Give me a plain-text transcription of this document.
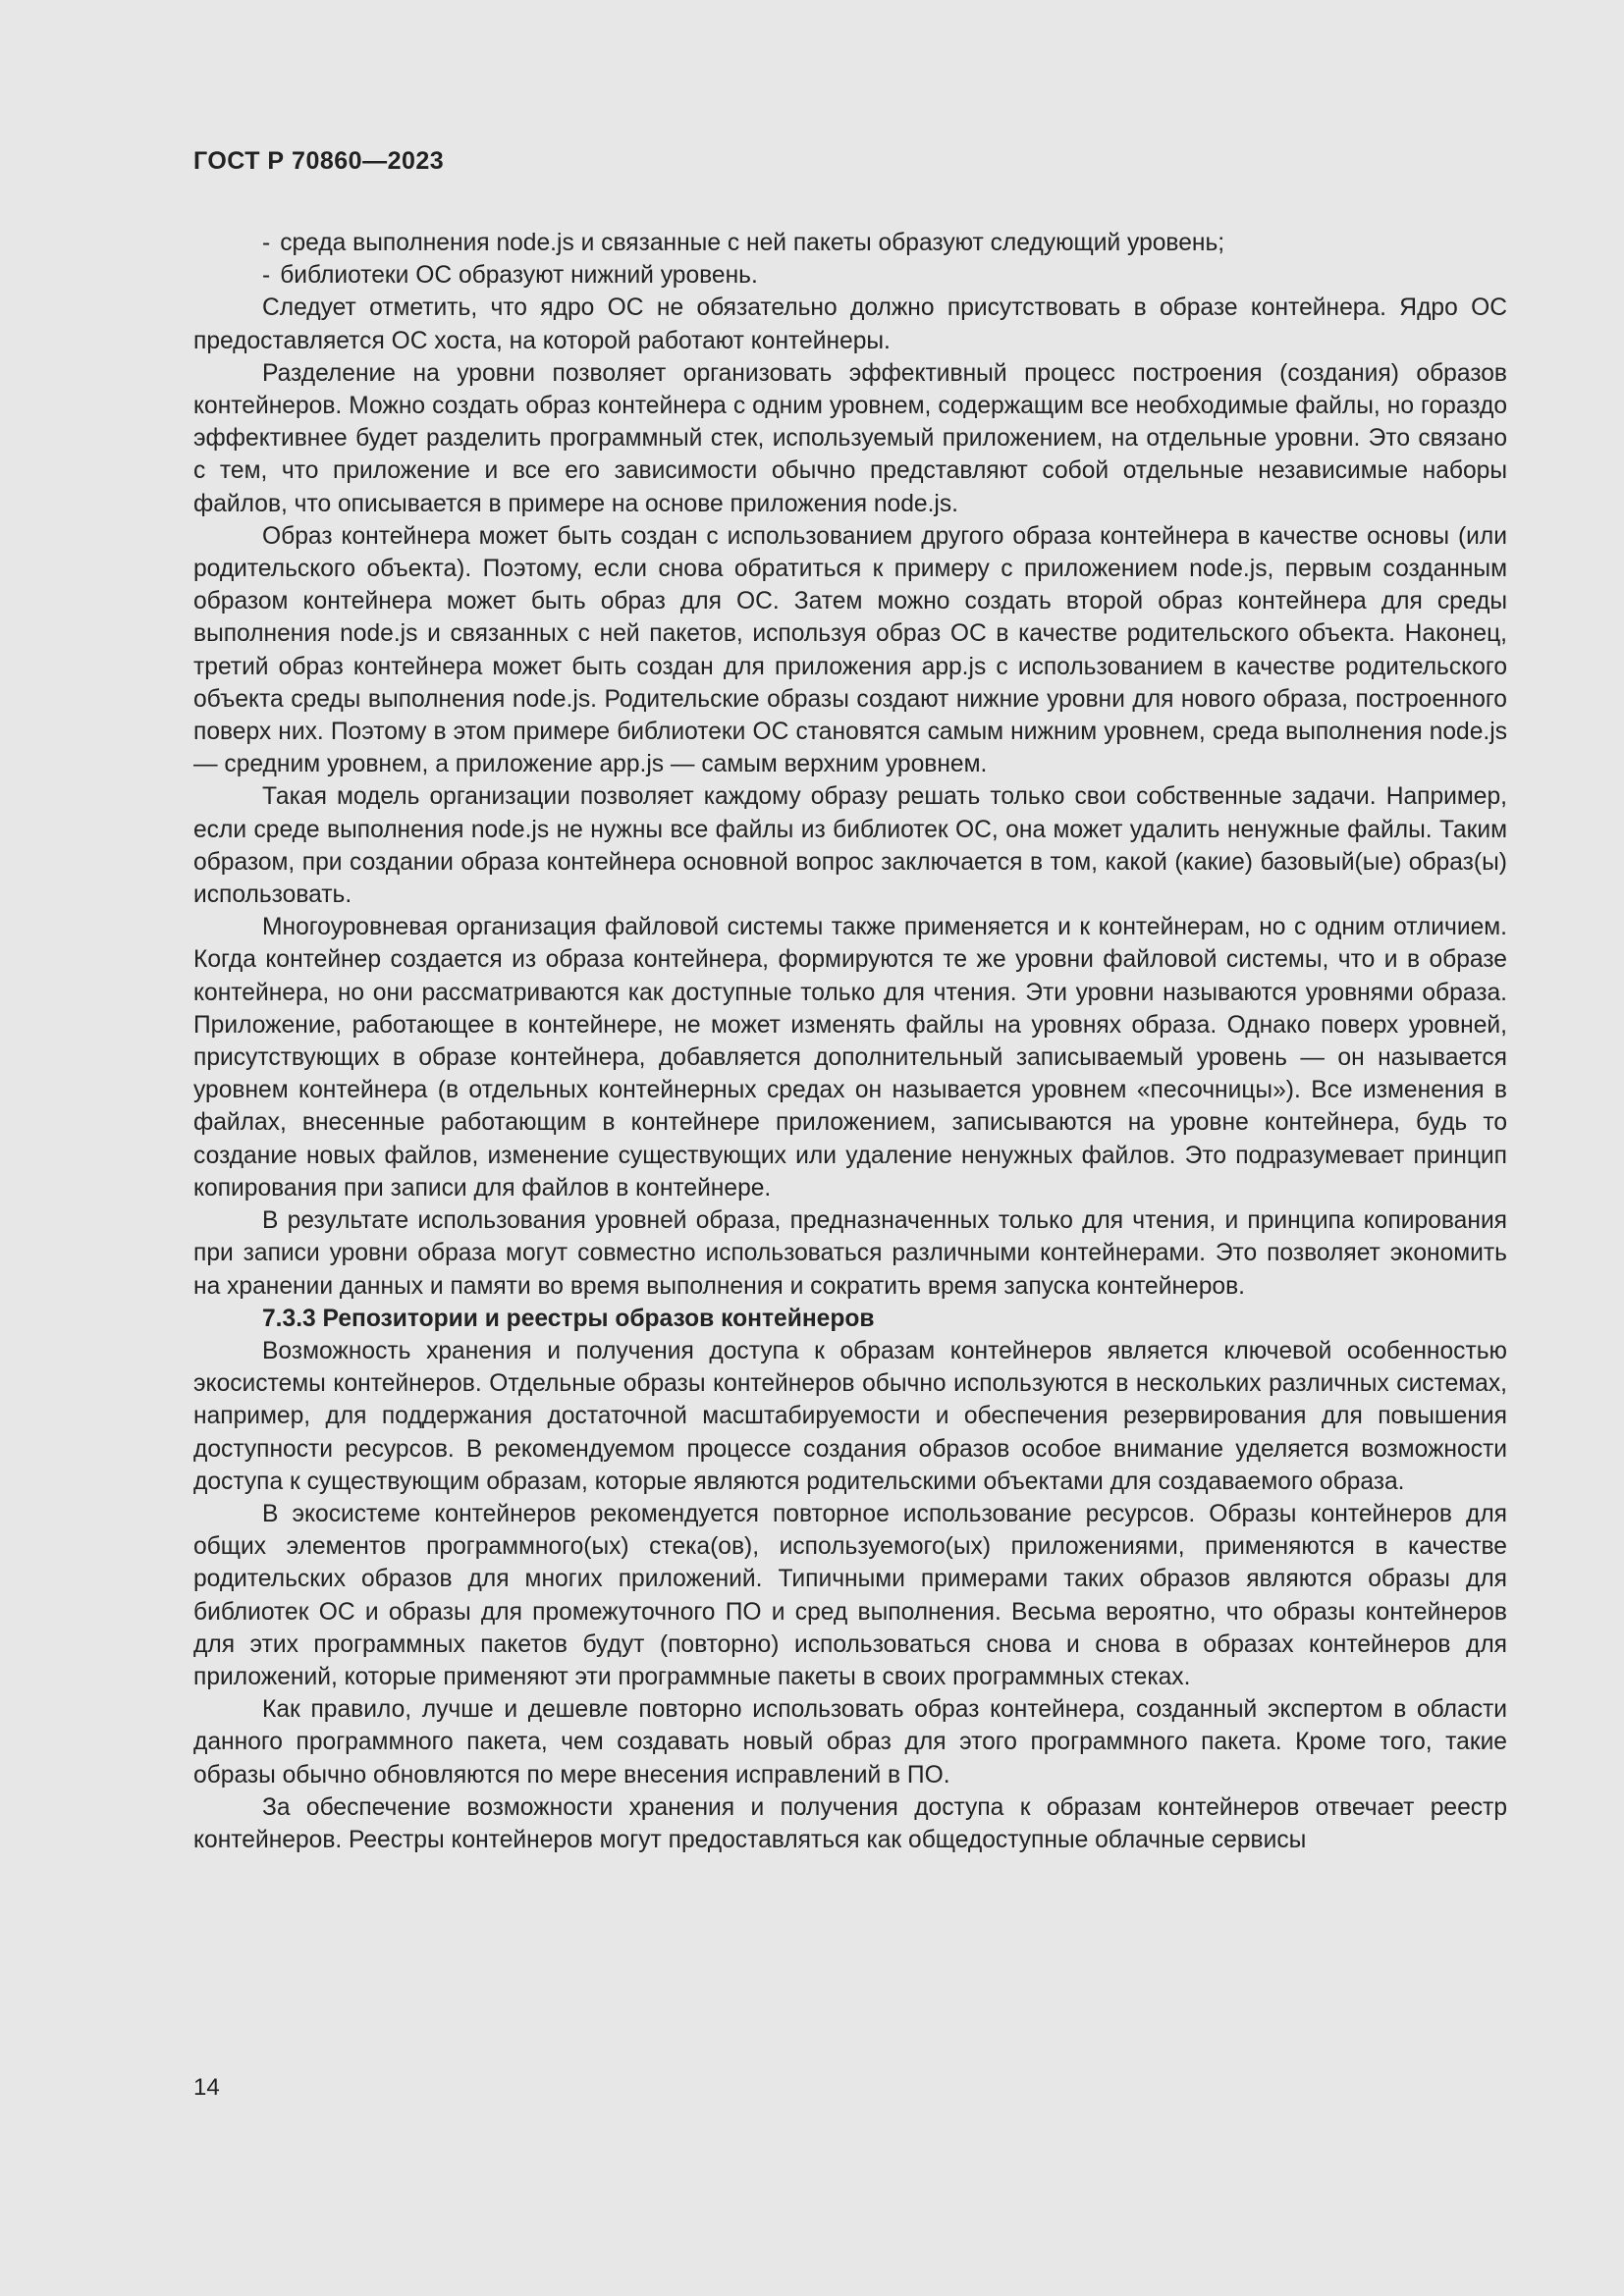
ГОСТ Р 70860—2023

- среда выполнения node.js и связанные с ней пакеты образуют следующий уровень;

- библиотеки ОС образуют нижний уровень.

Следует отметить, что ядро ОС не обязательно должно присутствовать в образе контейнера. Ядро ОС предоставляется ОС хоста, на которой работают контейнеры.

Разделение на уровни позволяет организовать эффективный процесс построения (создания) образов контейнеров. Можно создать образ контейнера с одним уровнем, содержащим все необходимые файлы, но гораздо эффективнее будет разделить программный стек, используемый приложением, на отдельные уровни. Это связано с тем, что приложение и все его зависимости обычно представляют собой отдельные независимые наборы файлов, что описывается в примере на основе приложения node.js.

Образ контейнера может быть создан с использованием другого образа контейнера в качестве основы (или родительского объекта). Поэтому, если снова обратиться к примеру с приложением node.js, первым созданным образом контейнера может быть образ для ОС. Затем можно создать второй образ контейнера для среды выполнения node.js и связанных с ней пакетов, используя образ ОС в качестве родительского объекта. Наконец, третий образ контейнера может быть создан для приложения app.js с использованием в качестве родительского объекта среды выполнения node.js. Родительские образы создают нижние уровни для нового образа, построенного поверх них. Поэтому в этом примере библиотеки ОС становятся самым нижним уровнем, среда выполнения node.js — средним уровнем, а приложение app.js — самым верхним уровнем.

Такая модель организации позволяет каждому образу решать только свои собственные задачи. Например, если среде выполнения node.js не нужны все файлы из библиотек ОС, она может удалить ненужные файлы. Таким образом, при создании образа контейнера основной вопрос заключается в том, какой (какие) базовый(ые) образ(ы) использовать.

Многоуровневая организация файловой системы также применяется и к контейнерам, но с одним отличием. Когда контейнер создается из образа контейнера, формируются те же уровни файловой системы, что и в образе контейнера, но они рассматриваются как доступные только для чтения. Эти уровни называются уровнями образа. Приложение, работающее в контейнере, не может изменять файлы на уровнях образа. Однако поверх уровней, присутствующих в образе контейнера, добавляется дополнительный записываемый уровень — он называется уровнем контейнера (в отдельных контейнерных средах он называется уровнем «песочницы»). Все изменения в файлах, внесенные работающим в контейнере приложением, записываются на уровне контейнера, будь то создание новых файлов, изменение существующих или удаление ненужных файлов. Это подразумевает принцип копирования при записи для файлов в контейнере.

В результате использования уровней образа, предназначенных только для чтения, и принципа копирования при записи уровни образа могут совместно использоваться различными контейнерами. Это позволяет экономить на хранении данных и памяти во время выполнения и сократить время запуска контейнеров.

7.3.3 Репозитории и реестры образов контейнеров

Возможность хранения и получения доступа к образам контейнеров является ключевой особенностью экосистемы контейнеров. Отдельные образы контейнеров обычно используются в нескольких различных системах, например, для поддержания достаточной масштабируемости и обеспечения резервирования для повышения доступности ресурсов. В рекомендуемом процессе создания образов особое внимание уделяется возможности доступа к существующим образам, которые являются родительскими объектами для создаваемого образа.

В экосистеме контейнеров рекомендуется повторное использование ресурсов. Образы контейнеров для общих элементов программного(ых) стека(ов), используемого(ых) приложениями, применяются в качестве родительских образов для многих приложений. Типичными примерами таких образов являются образы для библиотек ОС и образы для промежуточного ПО и сред выполнения. Весьма вероятно, что образы контейнеров для этих программных пакетов будут (повторно) использоваться снова и снова в образах контейнеров для приложений, которые применяют эти программные пакеты в своих программных стеках.

Как правило, лучше и дешевле повторно использовать образ контейнера, созданный экспертом в области данного программного пакета, чем создавать новый образ для этого программного пакета. Кроме того, такие образы обычно обновляются по мере внесения исправлений в ПО.

За обеспечение возможности хранения и получения доступа к образам контейнеров отвечает реестр контейнеров. Реестры контейнеров могут предоставляться как общедоступные облачные сервисы

14
